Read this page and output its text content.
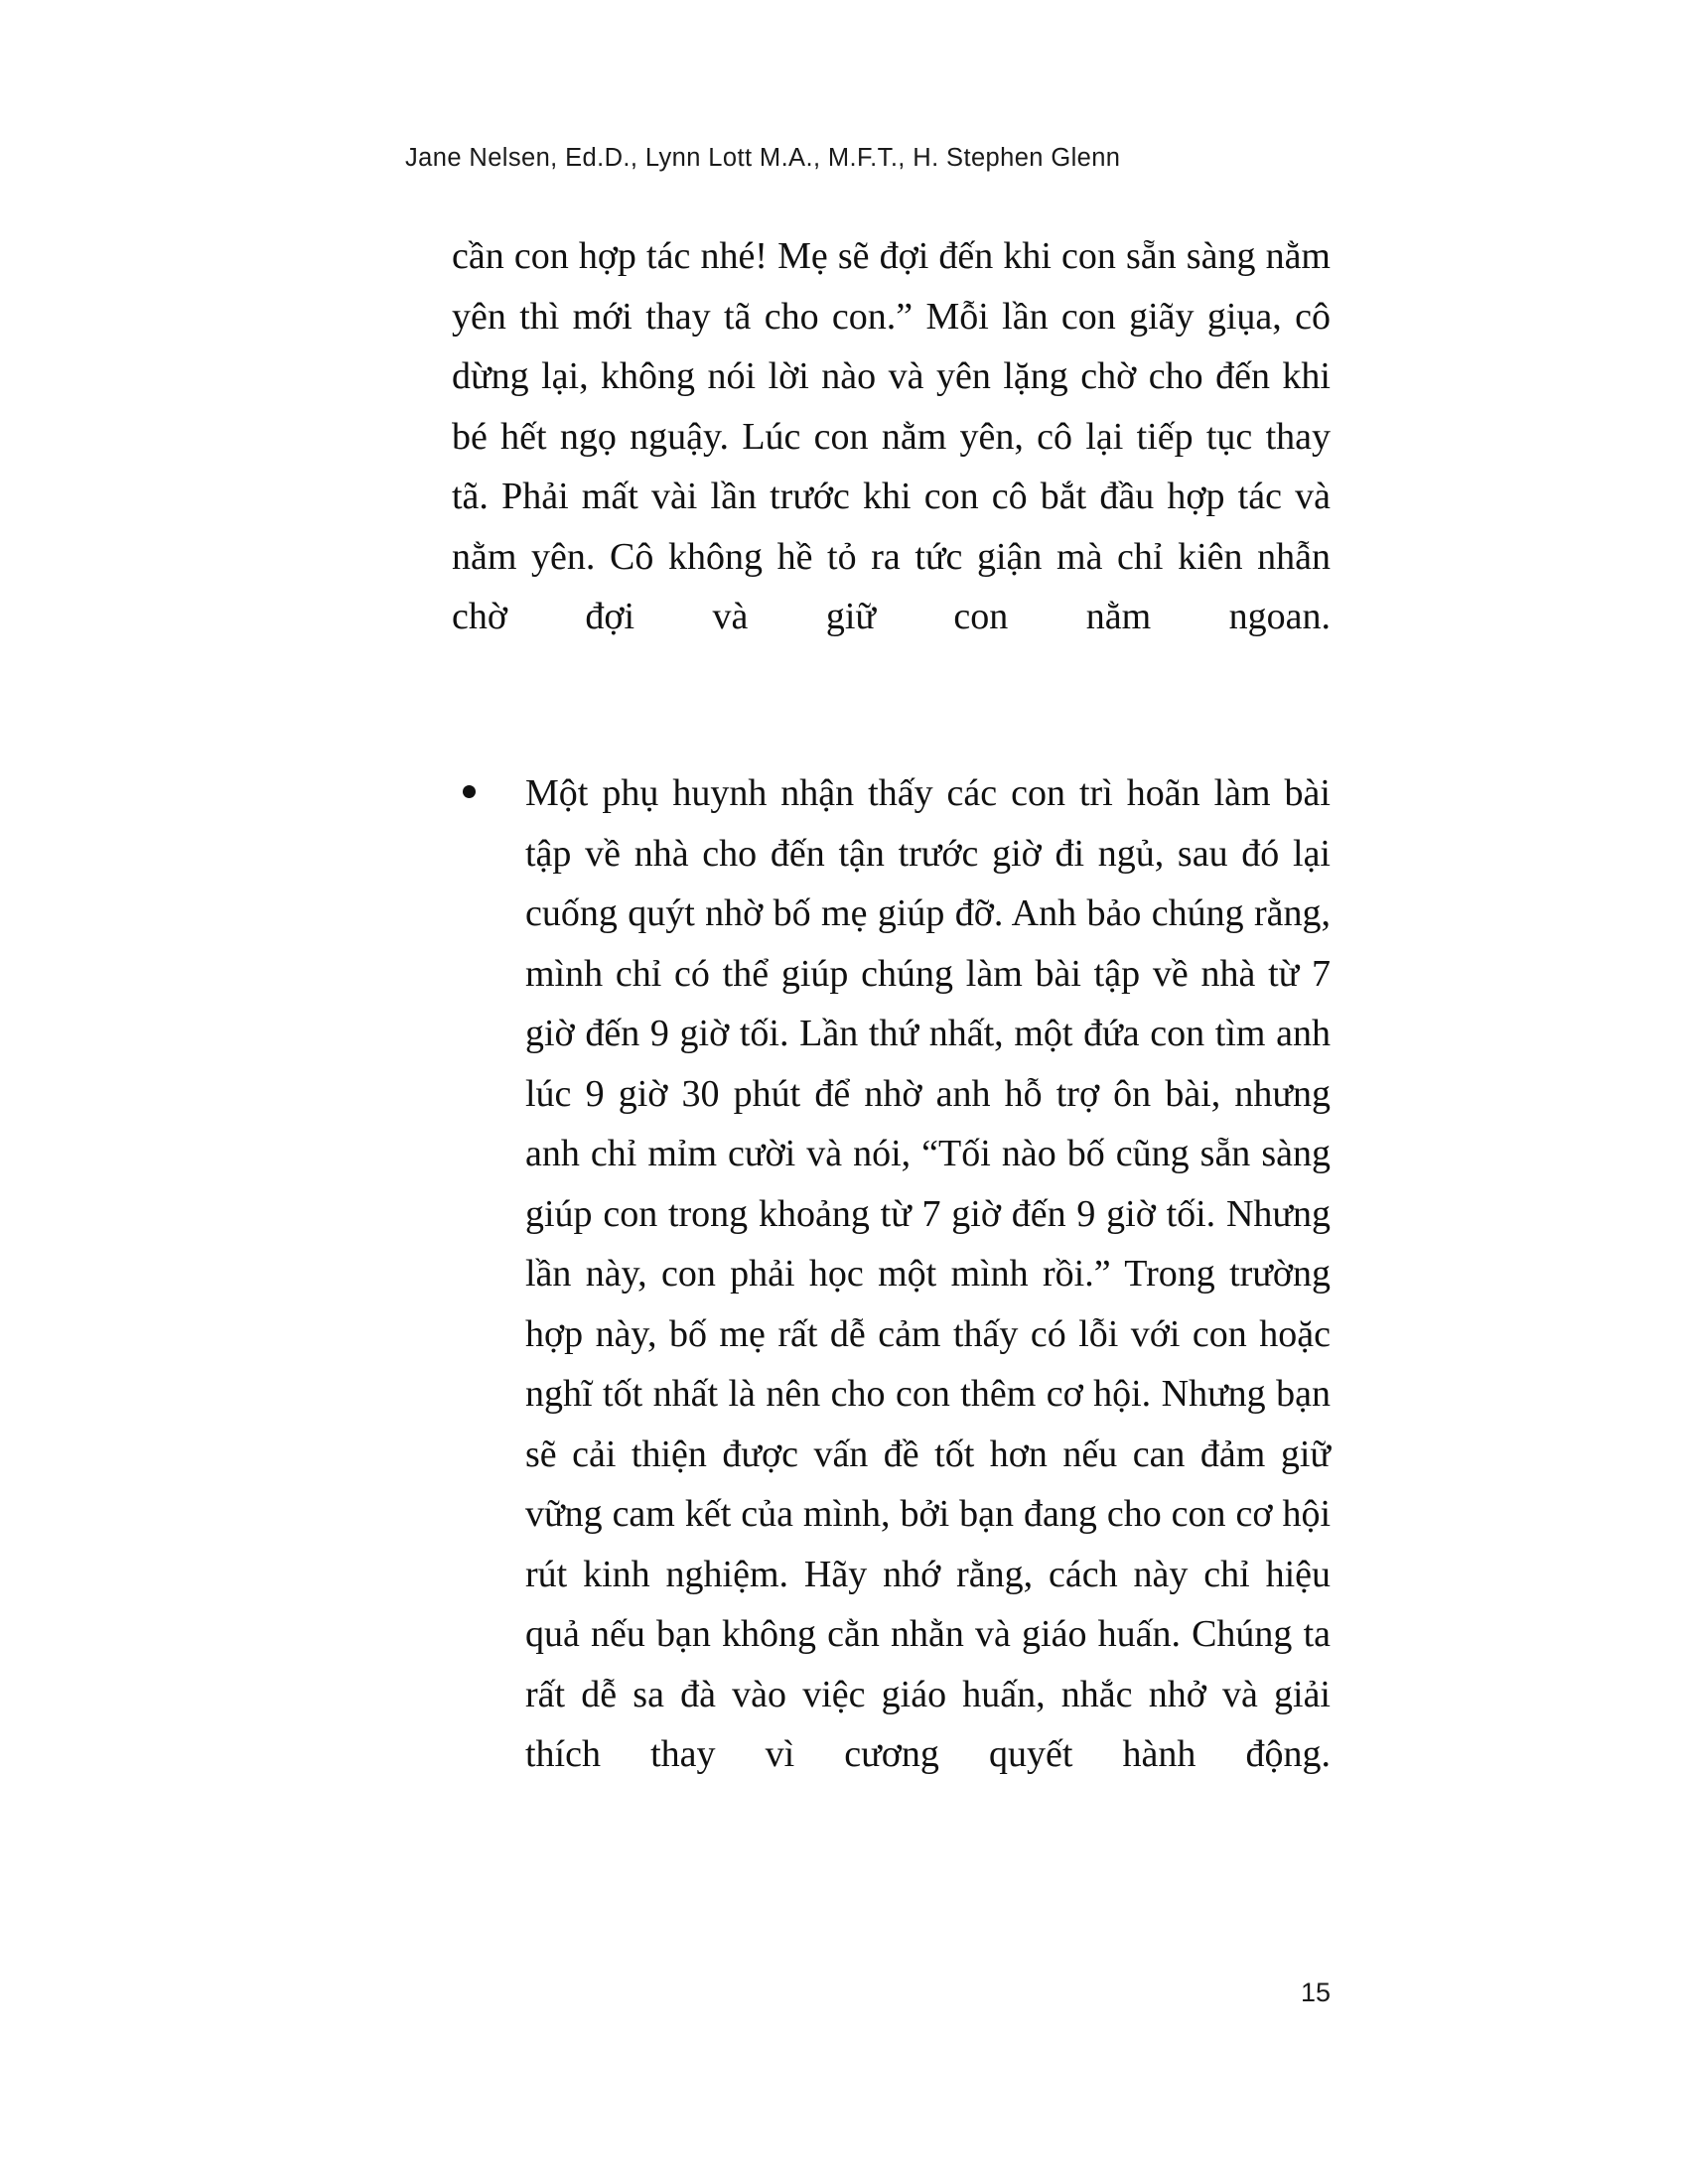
Jane Nelsen, Ed.D., Lynn Lott M.A., M.F.T., H. Stephen Glenn

cần con hợp tác nhé! Mẹ sẽ đợi đến khi con sẵn sàng nằm yên thì mới thay tã cho con.” Mỗi lần con giãy giụa, cô dừng lại, không nói lời nào và yên lặng chờ cho đến khi bé hết ngọ nguậy. Lúc con nằm yên, cô lại tiếp tục thay tã. Phải mất vài lần trước khi con cô bắt đầu hợp tác và nằm yên. Cô không hề tỏ ra tức giận mà chỉ kiên nhẫn chờ đợi và giữ con nằm ngoan.

Một phụ huynh nhận thấy các con trì hoãn làm bài tập về nhà cho đến tận trước giờ đi ngủ, sau đó lại cuống quýt nhờ bố mẹ giúp đỡ. Anh bảo chúng rằng, mình chỉ có thể giúp chúng làm bài tập về nhà từ 7 giờ đến 9 giờ tối. Lần thứ nhất, một đứa con tìm anh lúc 9 giờ 30 phút để nhờ anh hỗ trợ ôn bài, nhưng anh chỉ mỉm cười và nói, “Tối nào bố cũng sẵn sàng giúp con trong khoảng từ 7 giờ đến 9 giờ tối. Nhưng lần này, con phải học một mình rồi.” Trong trường hợp này, bố mẹ rất dễ cảm thấy có lỗi với con hoặc nghĩ tốt nhất là nên cho con thêm cơ hội. Nhưng bạn sẽ cải thiện được vấn đề tốt hơn nếu can đảm giữ vững cam kết của mình, bởi bạn đang cho con cơ hội rút kinh nghiệm. Hãy nhớ rằng, cách này chỉ hiệu quả nếu bạn không cằn nhằn và giáo huấn. Chúng ta rất dễ sa đà vào việc giáo huấn, nhắc nhở và giải thích thay vì cương quyết hành động.

15
